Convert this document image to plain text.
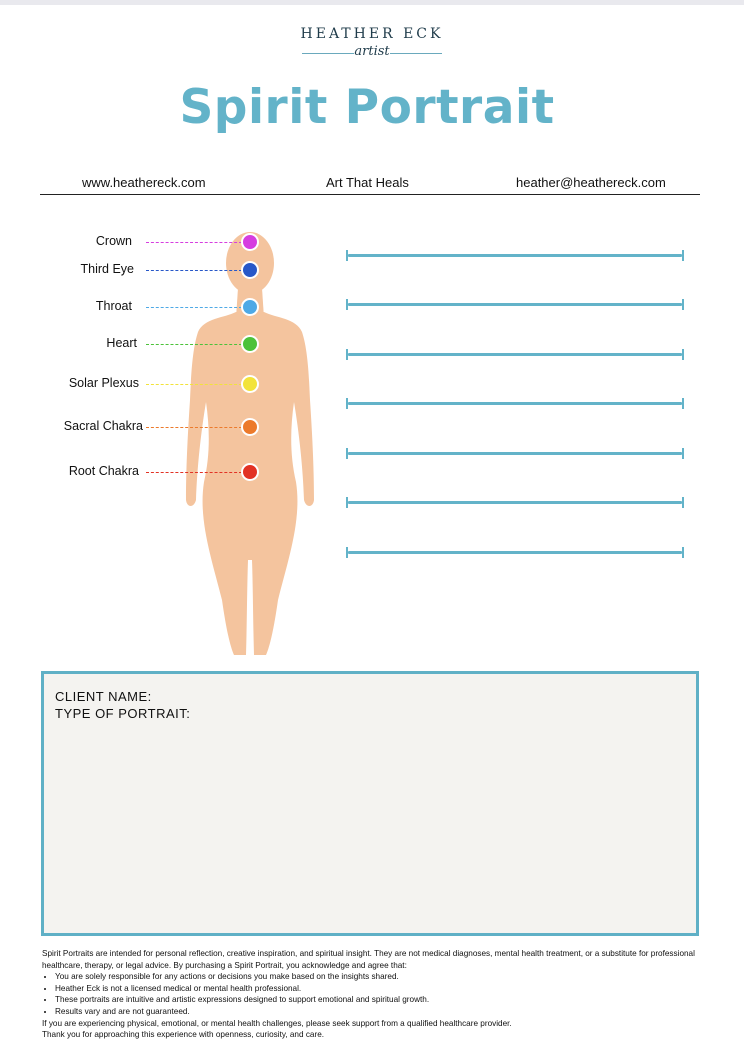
HEATHER ECK
artist
Spirit Portrait
www.heathereck.com	Art That Heals	heather@heathereck.com
Crown
Third Eye
Throat
Heart
Solar Plexus
Sacral Chakra
Root Chakra
CLIENT NAME:
TYPE OF PORTRAIT:

Spirit Portraits are intended for personal reflection, creative inspiration, and spiritual insight. They are not medical diagnoses, mental health treatment, or a substitute for professional healthcare, therapy, or legal advice. By purchasing a Spirit Portrait, you acknowledge and agree that:

• You are solely responsible for any actions or decisions you make based on the insights shared.
• Heather Eck is not a licensed medical or mental health professional.
• These portraits are intuitive and artistic expressions designed to support emotional and spiritual growth.
• Results vary and are not guaranteed.

If you are experiencing physical, emotional, or mental health challenges, please seek support from a qualified healthcare provider.

Thank you for approaching this experience with openness, curiosity, and care.
